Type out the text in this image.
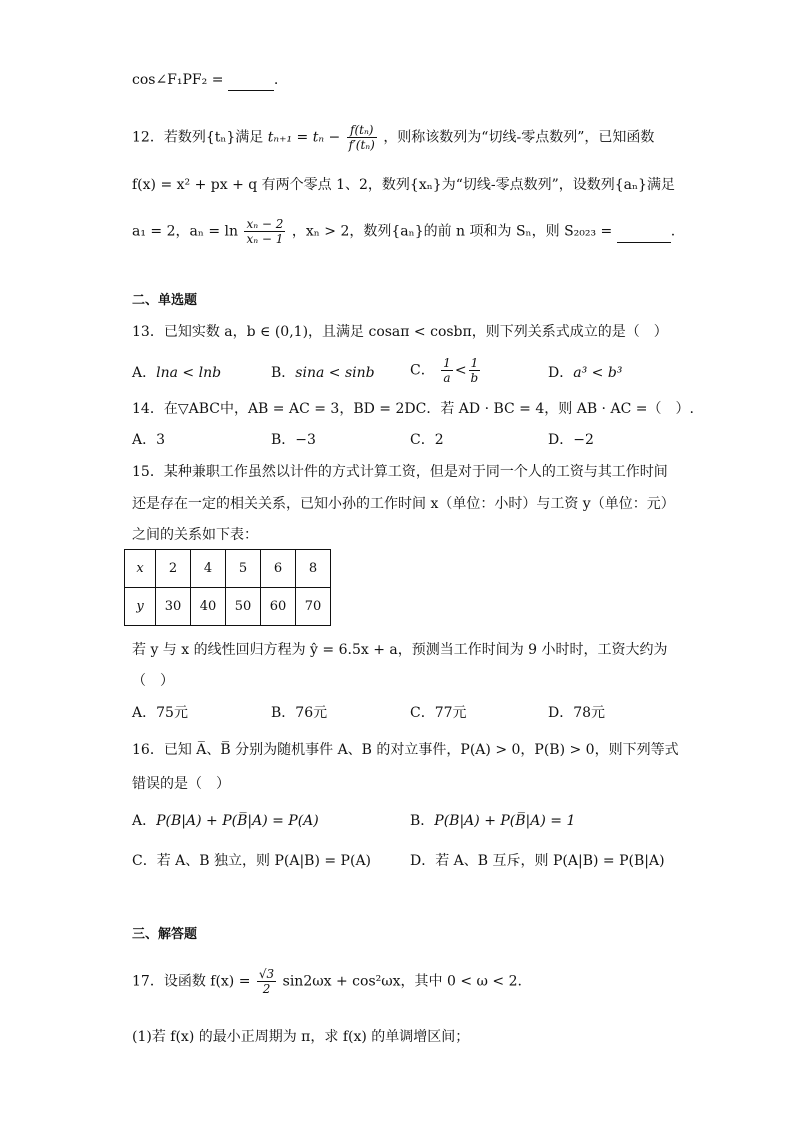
cos∠F₁PF₂ =	.
12．若数列{tₙ}满足 $t_{n+1} = t_n - \frac{\text{f(tₙ)}}{\text{f′(tₙ)}}$ ，则称该数列为“切线-零点数列”，已知函数
f(x) = x² + px + q 有两个零点 1、2，数列{xₙ}为“切线-零点数列”，设数列{aₙ}满足
a₁ = 2，$a_n = \ln \frac{\text{xₙ − 2}}{\text{xₙ − 1}}$ ，xₙ > 2，数列{aₙ}的前 n 项和为 Sₙ，则 S₂₀₂₃ =	.
二、单选题
13．已知实数 a，b ∈ (0,1)，且满足 cosaπ < cosbπ，则下列关系式成立的是（　）
A．lna < lnb	B．sina < sinb	C． $\frac{1}{a} < \frac{1}{b}$	D．a³ < b³
14．在▽ABC中，AB = AC = 3，BD = 2DC．若 AD · BC = 4，则 AB · AC =（　）.
A．3	B．−3	C．2	D．−2
15．某种兼职工作虽然以计件的方式计算工资，但是对于同一个人的工资与其工作时间
还是存在一定的相关关系，已知小孙的工作时间 x（单位：小时）与工资 y（单位：元）
之间的关系如下表：
x	2	4	5	6	8
y	30	40	50	60	70
若 y 与 x 的线性回归方程为 ŷ = 6.5x + a，预测当工作时间为 9 小时时，工资大约为
（　）
A．75元	B．76元	C．77元	D．78元
16．已知 A̅、B̅ 分别为随机事件 A、B 的对立事件，P(A) > 0，P(B) > 0，则下列等式
错误的是（　）
A．P(B|A) + P(B̅|A) = P(A)	B．P(B|A) + P(B̅|A) = 1
C．若 A、B 独立，则 P(A|B) = P(A)	D．若 A、B 互斥，则 P(A|B) = P(B|A)
三、解答题
17．设函数 $f(x) = \frac{√3}{2} \sin 2\omega x + \cos^2\omega x$，其中 0 < ω < 2.
(1)若 f(x) 的最小正周期为 π，求 f(x) 的单调增区间；
